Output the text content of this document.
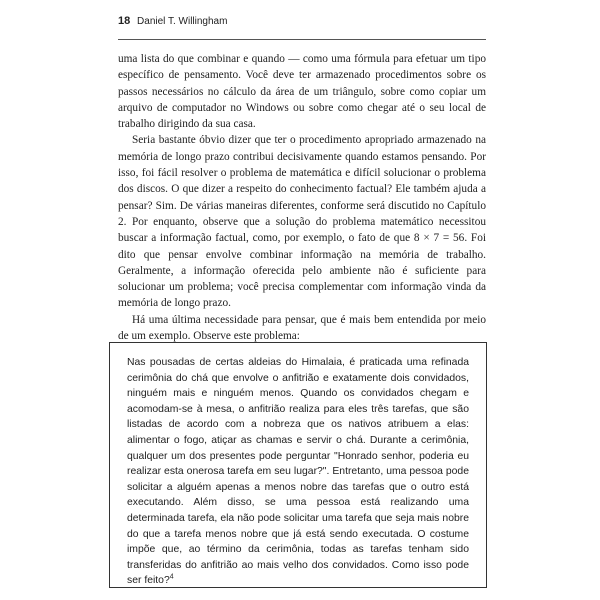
18 Daniel T. Willingham

uma lista do que combinar e quando — como uma fórmula para efetuar um tipo específico de pensamento. Você deve ter armazenado procedimentos sobre os passos necessários no cálculo da área de um triângulo, sobre como copiar um arquivo de computador no Windows ou sobre como chegar até o seu local de trabalho dirigindo da sua casa.

Seria bastante óbvio dizer que ter o procedimento apropriado armazenado na memória de longo prazo contribui decisivamente quando estamos pensando. Por isso, foi fácil resolver o problema de matemática e difícil solucionar o problema dos discos. O que dizer a respeito do conhecimento factual? Ele também ajuda a pensar? Sim. De várias maneiras diferentes, conforme será discutido no Capítulo 2. Por enquanto, observe que a solução do problema matemático necessitou buscar a informação factual, como, por exemplo, o fato de que 8 × 7 = 56. Foi dito que pensar envolve combinar informação na memória de trabalho. Geralmente, a informação oferecida pelo ambiente não é suficiente para solucionar um problema; você precisa complementar com informação vinda da memória de longo prazo.

Há uma última necessidade para pensar, que é mais bem entendida por meio de um exemplo. Observe este problema:

Nas pousadas de certas aldeias do Himalaia, é praticada uma refinada cerimônia do chá que envolve o anfitrião e exatamente dois convidados, ninguém mais e ninguém menos. Quando os convidados chegam e acomodam-se à mesa, o anfitrião realiza para eles três tarefas, que são listadas de acordo com a nobreza que os nativos atribuem a elas: alimentar o fogo, atiçar as chamas e servir o chá. Durante a cerimônia, qualquer um dos presentes pode perguntar "Honrado senhor, poderia eu realizar esta onerosa tarefa em seu lugar?". Entretanto, uma pessoa pode solicitar a alguém apenas a menos nobre das tarefas que o outro está executando. Além disso, se uma pessoa está realizando uma determinada tarefa, ela não pode solicitar uma tarefa que seja mais nobre do que a tarefa menos nobre que já está sendo executada. O costume impõe que, ao término da cerimônia, todas as tarefas tenham sido transferidas do anfitrião ao mais velho dos convidados. Como isso pode ser feito?$^4$
